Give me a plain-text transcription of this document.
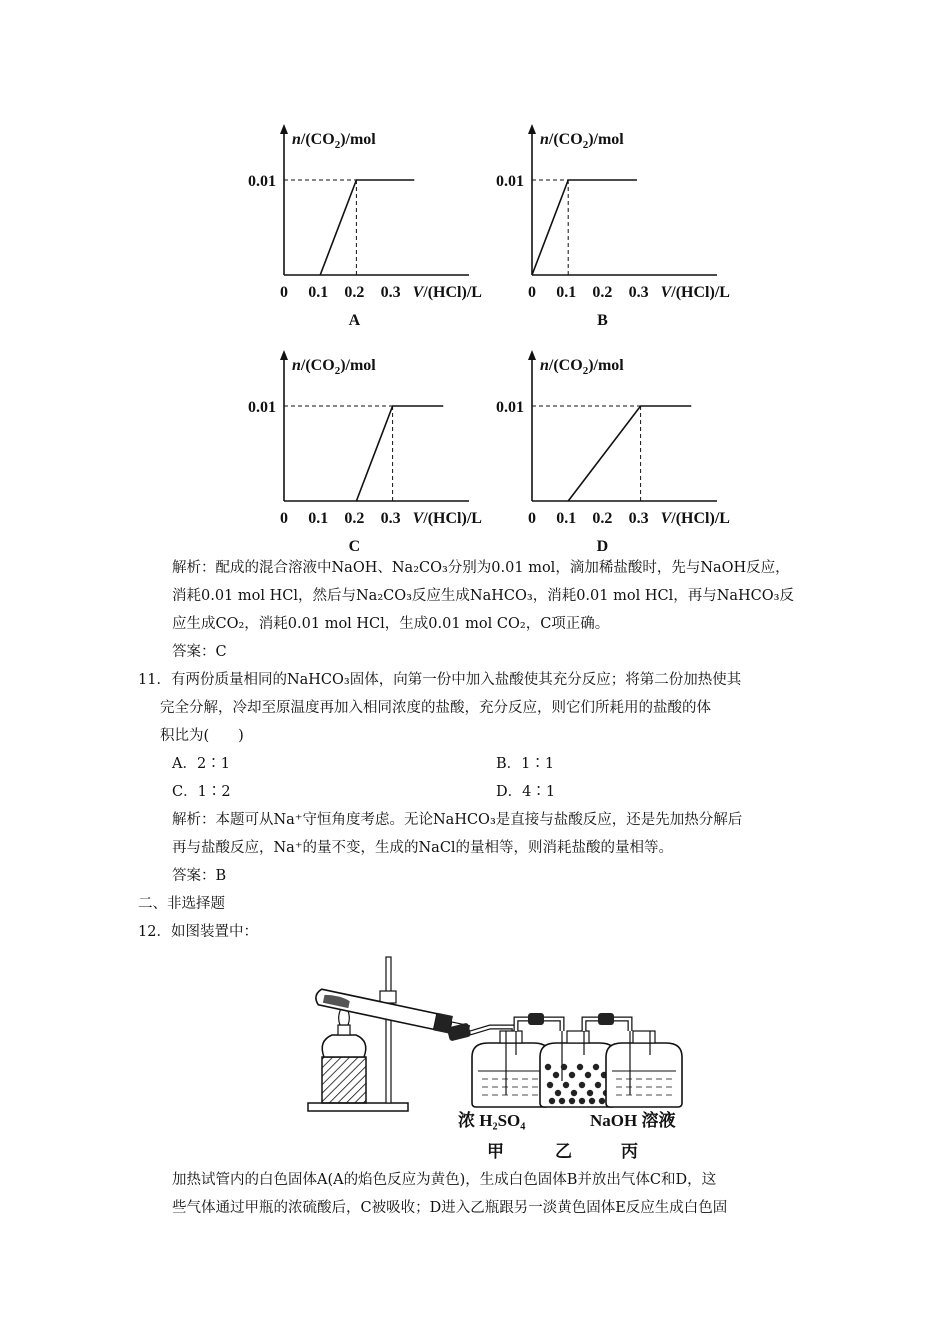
$n/(CO_2)$/mol
0.01
0 0.1 0.2 0.3 V/(HCl)/L
A
$n/(CO_2)$/mol
0.01
0 0.1 0.2 0.3 V/(HCl)/L
B
$n/(CO_2)$/mol
0.01
0 0.1 0.2 0.3 V/(HCl)/L
C
$n/(CO_2)$/mol
0.01
0 0.1 0.2 0.3 V/(HCl)/L
D
解析：配成的混合溶液中NaOH、Na₂CO₃分别为0.01 mol，滴加稀盐酸时，先与NaOH反应，
消耗0.01 mol HCl，然后与Na₂CO₃反应生成NaHCO₃，消耗0.01 mol HCl，再与NaHCO₃反
应生成CO₂，消耗0.01 mol HCl，生成0.01 mol CO₂，C项正确。
答案：C
11．有两份质量相同的NaHCO₃固体，向第一份中加入盐酸使其充分反应；将第二份加热使其
完全分解，冷却至原温度再加入相同浓度的盐酸，充分反应，则它们所耗用的盐酸的体
积比为(　　)
A．2∶1	B．1∶1
C．1∶2	D．4∶1
解析：本题可从Na⁺守恒角度考虑。无论NaHCO₃是直接与盐酸反应，还是先加热分解后
再与盐酸反应，Na⁺的量不变，生成的NaCl的量相等，则消耗盐酸的量相等。
答案：B
二、非选择题
12．如图装置中：
浓 H₂SO₄	NaOH 溶液
甲	乙	丙
加热试管内的白色固体A(A的焰色反应为黄色)，生成白色固体B并放出气体C和D，这
些气体通过甲瓶的浓硫酸后，C被吸收；D进入乙瓶跟另一淡黄色固体E反应生成白色固
